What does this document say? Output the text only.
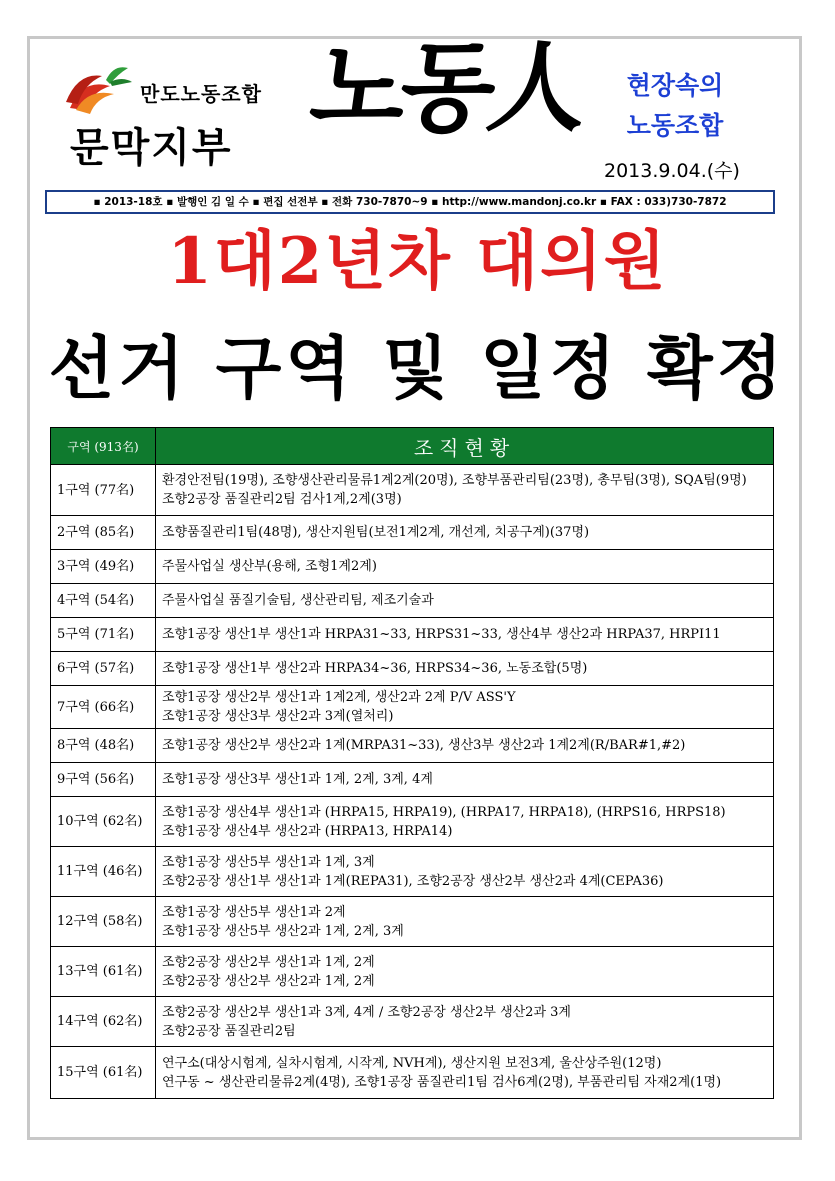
만도노동조합
문막지부
노동人	현장속의
노동조합
2013.9.04.(수)
▪ 2013-18호 ▪ 발행인 김 일 수 ▪ 편집 선전부 ▪ 전화 730-7870~9 ▪ http://www.mandonj.co.kr ▪ FAX : 033)730-7872
1대2년차 대의원
선거 구역 및 일정 확정
구역 (913名)	조직현황
1구역 (77名)	환경안전팀(19명), 조향생산관리물류1계2계(20명), 조향부품관리팀(23명), 총무팀(3명), SQA팀(9명)
조향2공장 품질관리2팀 검사1계,2계(3명)

2구역 (85名)	조향품질관리1팀(48명), 생산지원팀(보전1계2계, 개선계, 치공구계)(37명)

3구역 (49名)	주물사업실 생산부(용해, 조형1계2계)

4구역 (54名)	주물사업실 품질기술팀, 생산관리팀, 제조기술과

5구역 (71名)	조향1공장 생산1부 생산1과 HRPA31~33, HRPS31~33, 생산4부 생산2과 HRPA37, HRPI11

6구역 (57名)	조향1공장 생산1부 생산2과 HRPA34~36, HRPS34~36, 노동조합(5명)

7구역 (66名)	조향1공장 생산2부 생산1과 1계2계, 생산2과 2계 P/V ASS'Y
조향1공장 생산3부 생산2과 3계(열처리)

8구역 (48名)	조향1공장 생산2부 생산2과 1계(MRPA31~33), 생산3부 생산2과 1계2계(R/BAR#1,#2)

9구역 (56名)	조향1공장 생산3부 생산1과 1계, 2계, 3계, 4계

10구역 (62名)	조향1공장 생산4부 생산1과 (HRPA15, HRPA19), (HRPA17, HRPA18), (HRPS16, HRPS18)
조향1공장 생산4부 생산2과 (HRPA13, HRPA14)

11구역 (46名)	조향1공장 생산5부 생산1과 1계, 3계
조향2공장 생산1부 생산1과 1계(REPA31), 조향2공장 생산2부 생산2과 4계(CEPA36)

12구역 (58名)	조향1공장 생산5부 생산1과 2계
조향1공장 생산5부 생산2과 1계, 2계, 3계

13구역 (61名)	조향2공장 생산2부 생산1과 1계, 2계
조향2공장 생산2부 생산2과 1계, 2계

14구역 (62名)	조향2공장 생산2부 생산1과 3계, 4계 / 조향2공장 생산2부 생산2과 3계
조향2공장 품질관리2팀

15구역 (61名)	연구소(대상시험계, 실차시험계, 시작계, NVH계), 생산지원 보전3계, 울산상주원(12명)
연구동 ~ 생산관리물류2계(4명), 조향1공장 품질관리1팀 검사6계(2명), 부품관리팀 자재2계(1명)
